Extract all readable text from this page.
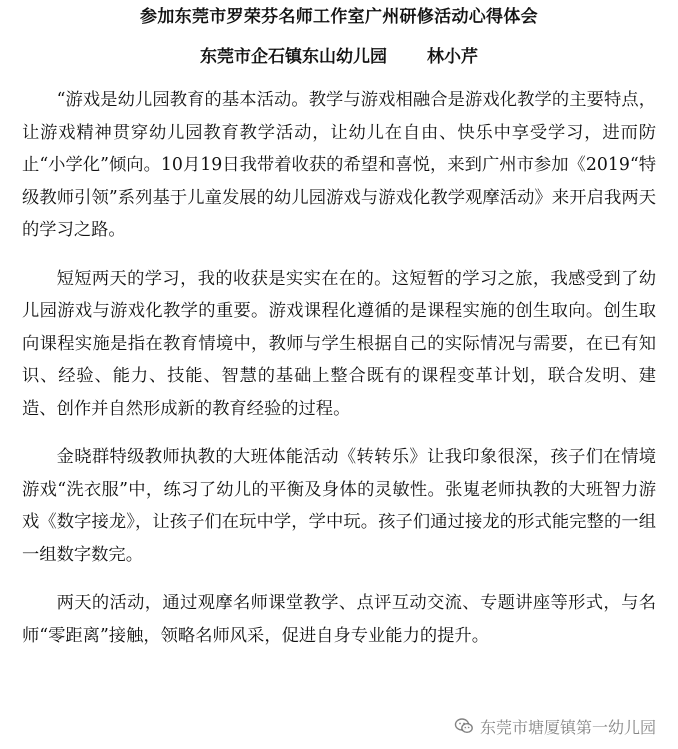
参加东莞市罗荣芬名师工作室广州研修活动心得体会
东莞市企石镇东山幼儿园 林小芹

“游戏是幼儿园教育的基本活动。教学与游戏相融合是游戏化教学的主要特点，让游戏精神贯穿幼儿园教育教学活动，让幼儿在自由、快乐中享受学习，进而防止“小学化”倾向。10月19日我带着收获的希望和喜悦，来到广州市参加《2019“特级教师引领”系列基于儿童发展的幼儿园游戏与游戏化教学观摩活动》来开启我两天的学习之路。

短短两天的学习，我的收获是实实在在的。这短暂的学习之旅，我感受到了幼儿园游戏与游戏化教学的重要。游戏课程化遵循的是课程实施的创生取向。创生取向课程实施是指在教育情境中，教师与学生根据自己的实际情况与需要，在已有知识、经验、能力、技能、智慧的基础上整合既有的课程变革计划，联合发明、建造、创作并自然形成新的教育经验的过程。

金晓群特级教师执教的大班体能活动《转转乐》让我印象很深，孩子们在情境游戏“洗衣服”中，练习了幼儿的平衡及身体的灵敏性。张嵬老师执教的大班智力游戏《数字接龙》，让孩子们在玩中学，学中玩。孩子们通过接龙的形式能完整的一组一组数字数完。

两天的活动，通过观摩名师课堂教学、点评互动交流、专题讲座等形式，与名师“零距离”接触，领略名师风采，促进自身专业能力的提升。

东莞市塘厦镇第一幼儿园
